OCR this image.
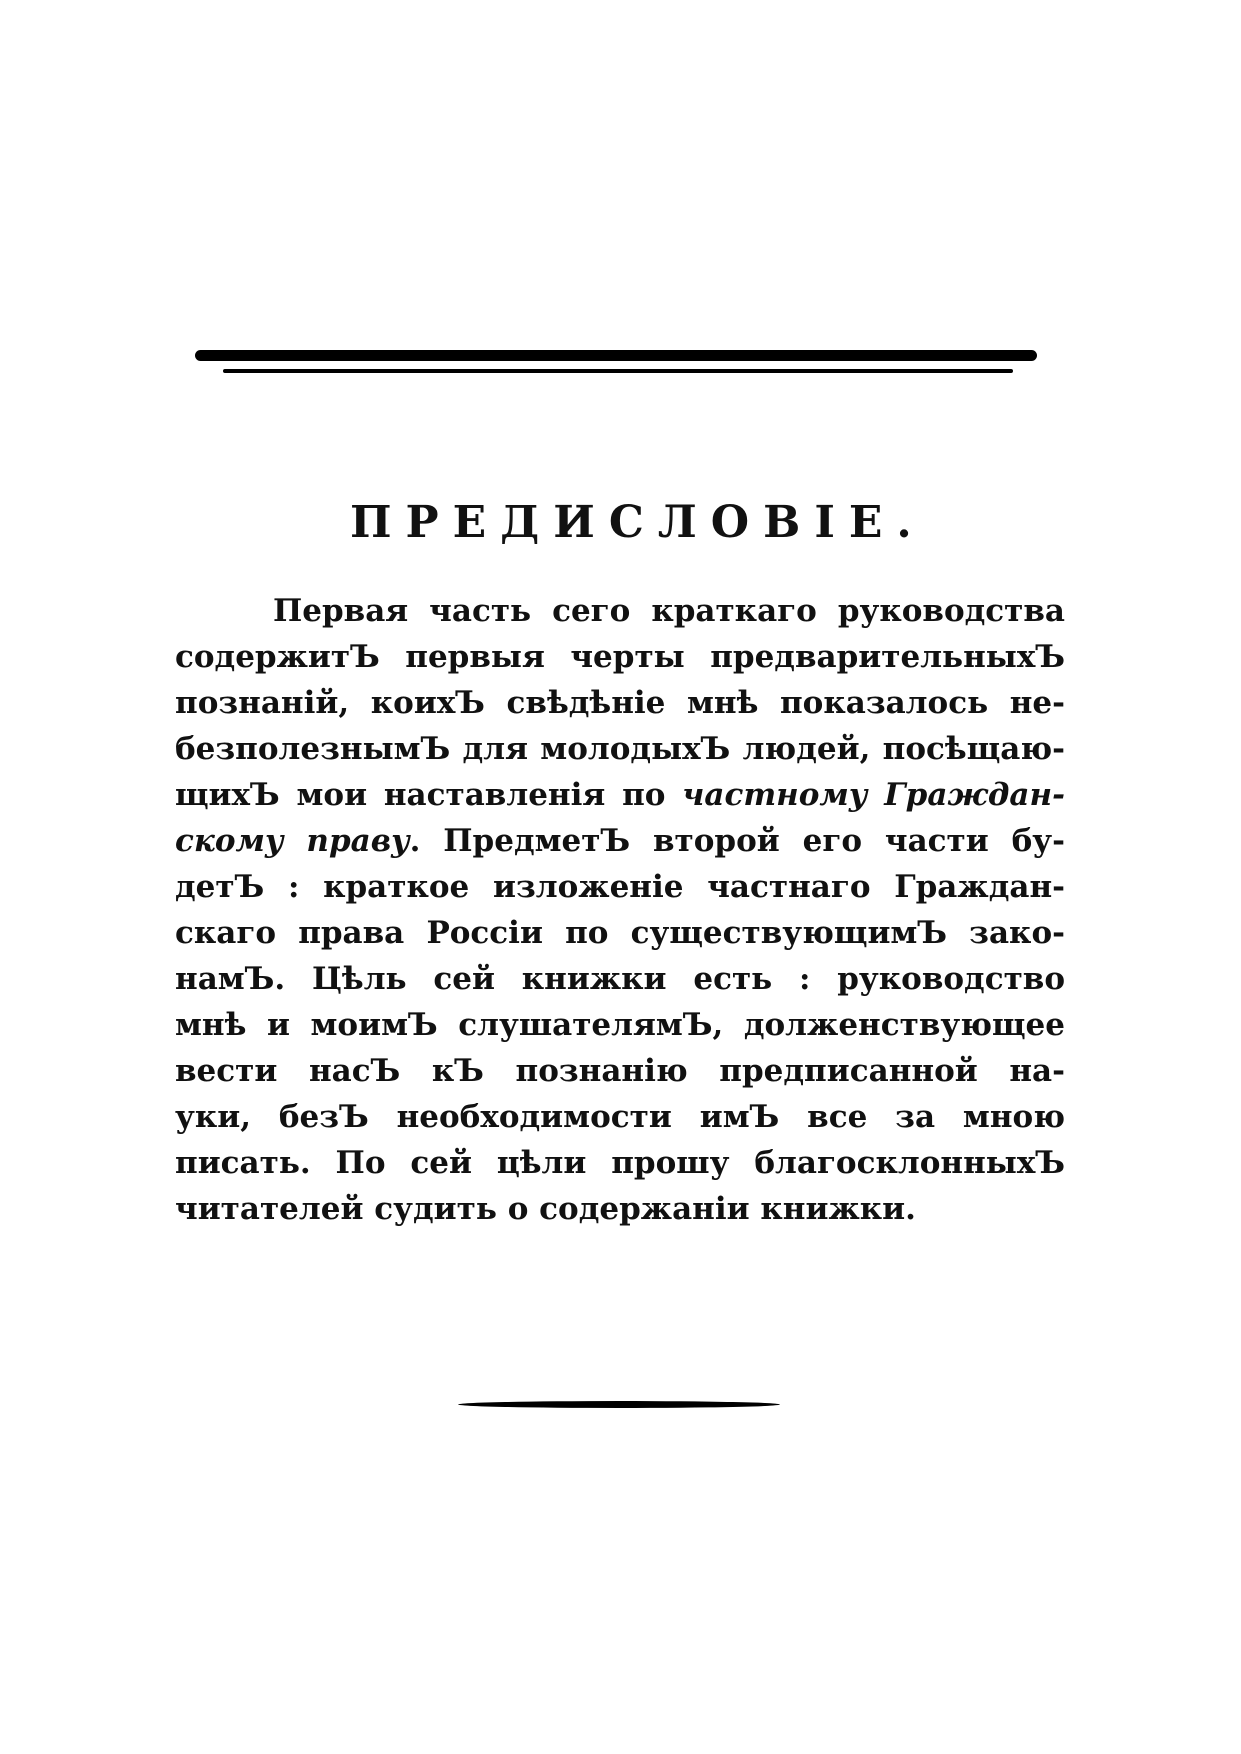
ПРЕДИСЛОВІЕ.
Первая часть сего краткаго руководства
содержитЪ первыя черты предварительныхЪ
познаній, коихЪ свѣдѣніе мнѣ показалось не-
безполезнымЪ для молодыхЪ людей, посѣщаю-
щихЪ мои наставленія по частному Граждан-
скому праву. ПредметЪ второй его части бу-
детЪ : краткое изложеніе частнаго Граждан-
скаго права Россіи по существующимЪ зако-
намЪ. Цѣль сей книжки есть : руководство
мнѣ и моимЪ слушателямЪ, долженствующее
вести насЪ кЪ познанію предписанной на-
уки, безЪ необходимости имЪ все за мною
писать. По сей цѣли прошу благосклонныхЪ
читателей судить о содержаніи книжки.
